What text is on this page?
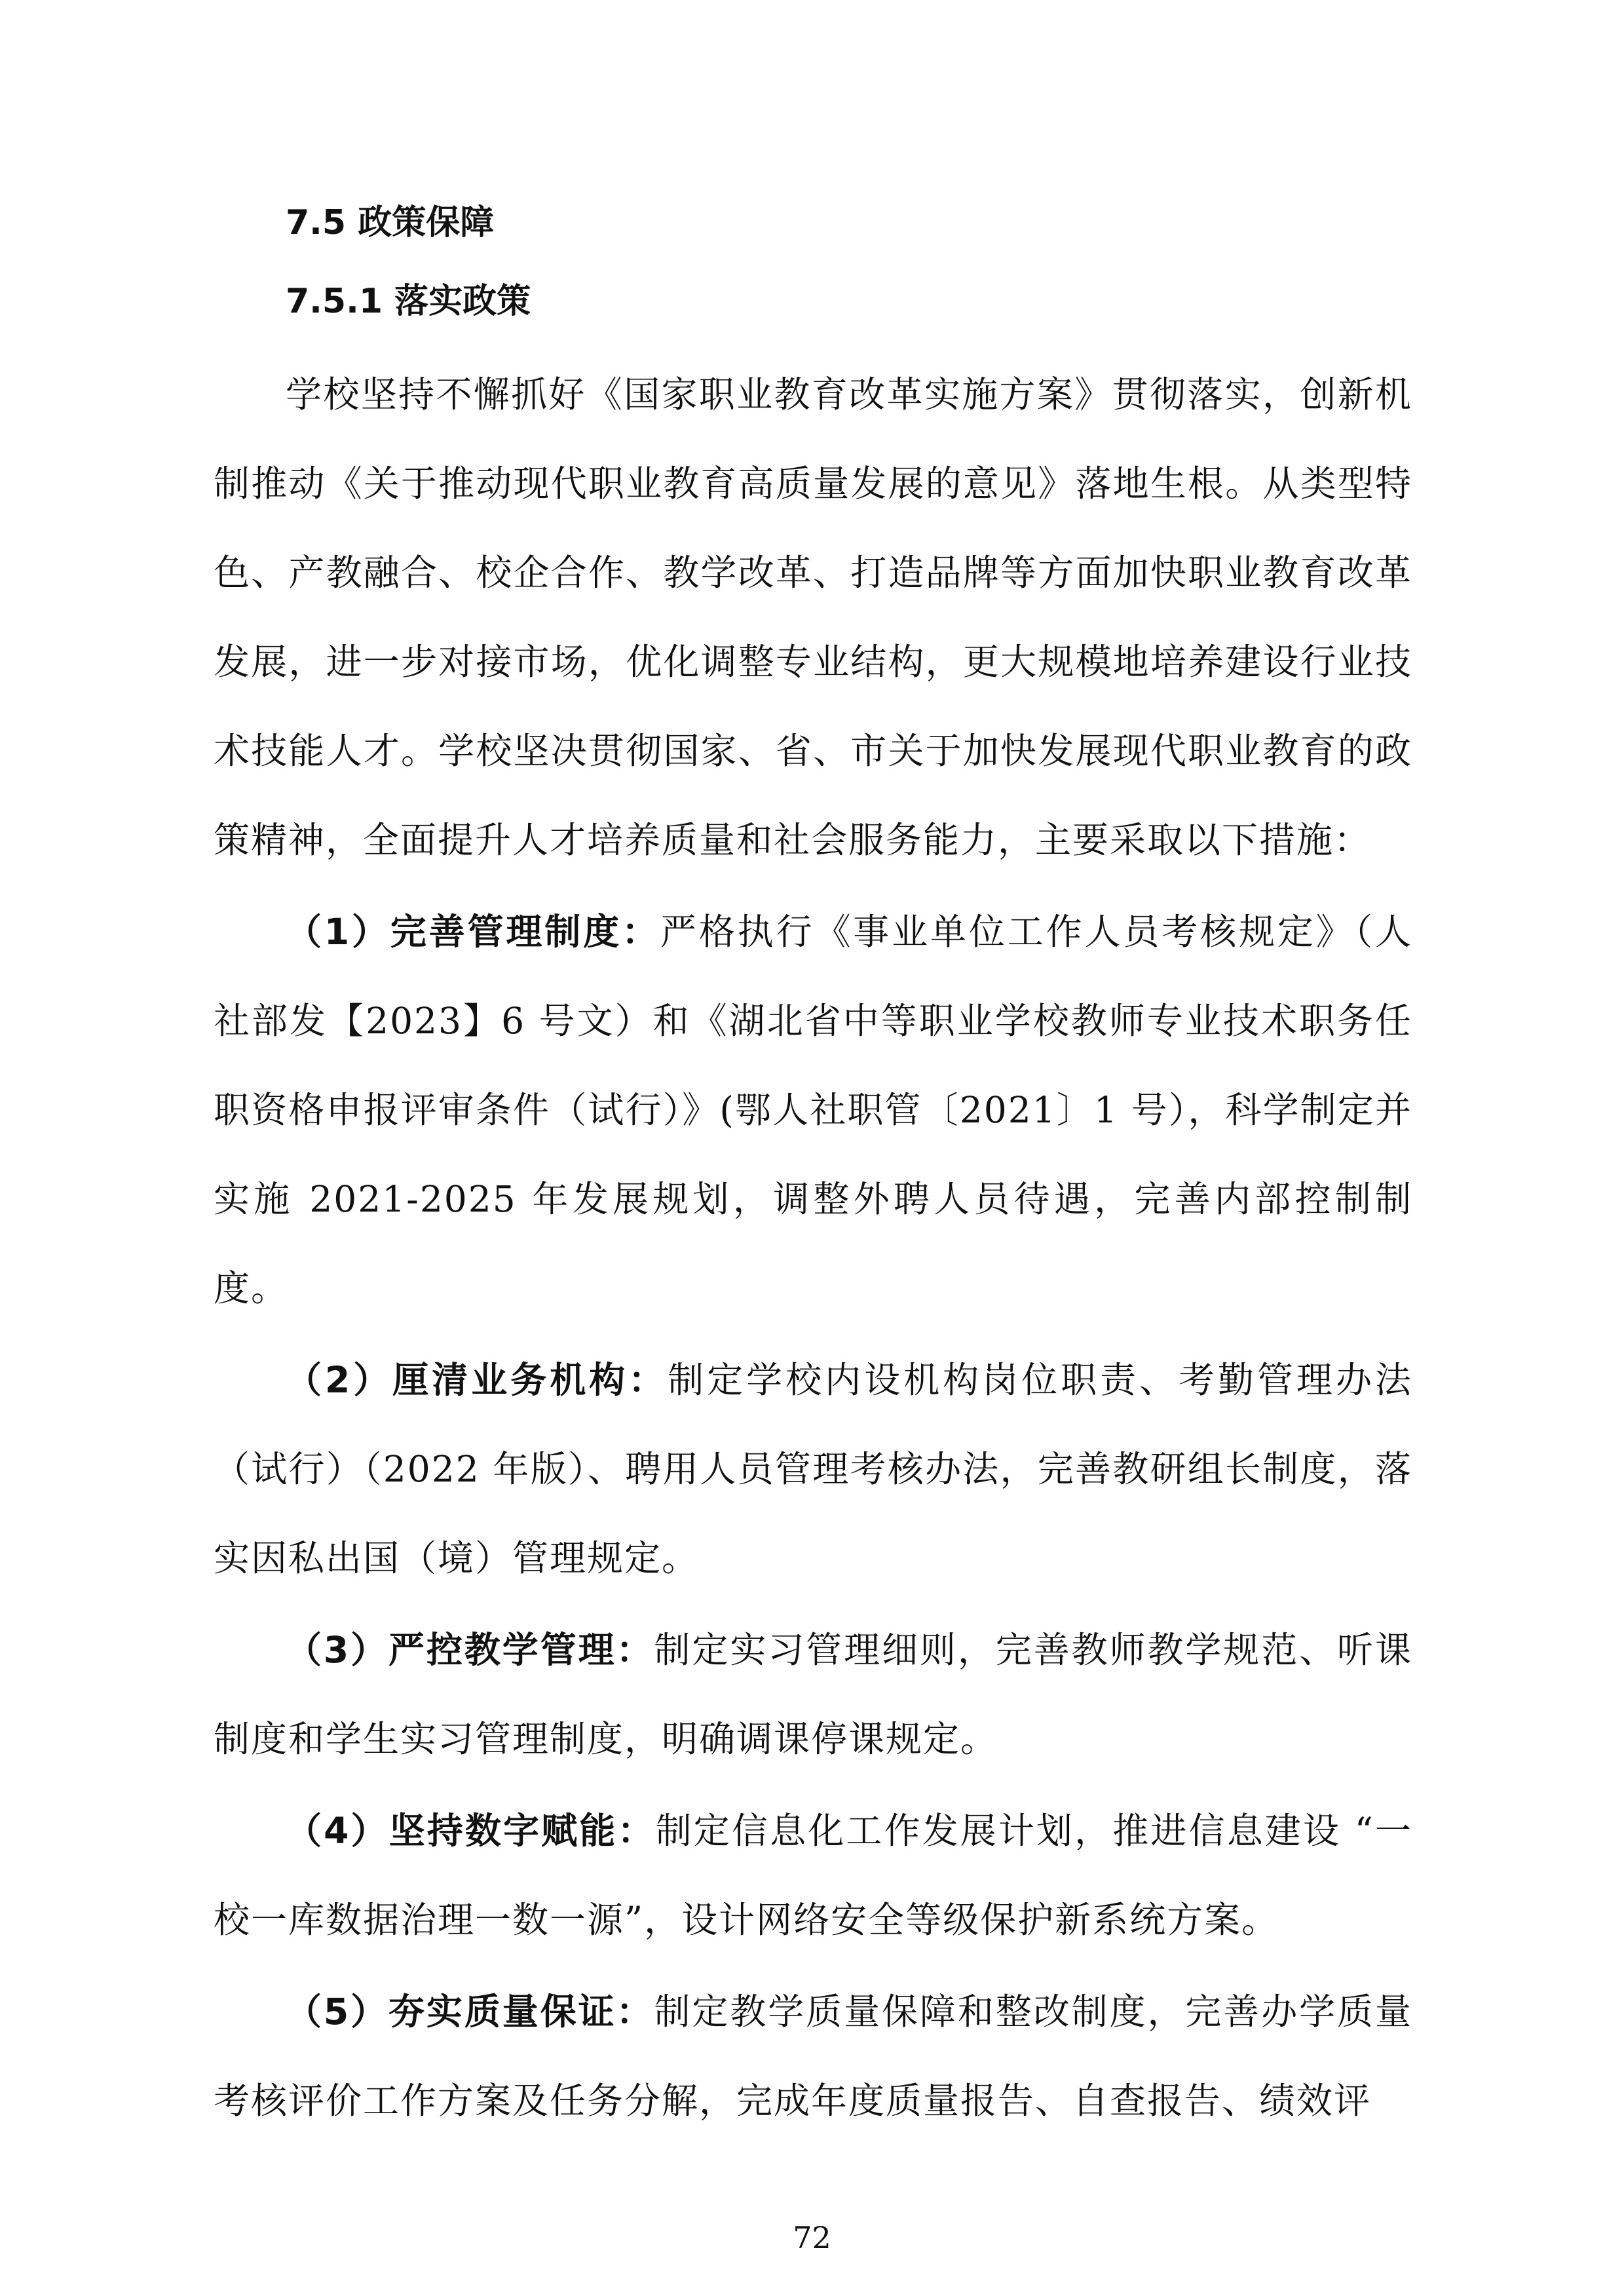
7.5 政策保障
7.5.1 落实政策

学校坚持不懈抓好《国家职业教育改革实施方案》贯彻落实，创新机制推动《关于推动现代职业教育高质量发展的意见》落地生根。从类型特色、产教融合、校企合作、教学改革、打造品牌等方面加快职业教育改革发展，进一步对接市场，优化调整专业结构，更大规模地培养建设行业技术技能人才。学校坚决贯彻国家、省、市关于加快发展现代职业教育的政策精神，全面提升人才培养质量和社会服务能力，主要采取以下措施：

（1）完善管理制度：严格执行《事业单位工作人员考核规定》（人社部发【2023】6 号文）和《湖北省中等职业学校教师专业技术职务任职资格申报评审条件（试行）》(鄂人社职管〔2021〕1 号），科学制定并实施 2021-2025 年发展规划，调整外聘人员待遇，完善内部控制制度。

（2）厘清业务机构：制定学校内设机构岗位职责、考勤管理办法（试行）（2022 年版）、聘用人员管理考核办法，完善教研组长制度，落实因私出国（境）管理规定。

（3）严控教学管理：制定实习管理细则，完善教师教学规范、听课制度和学生实习管理制度，明确调课停课规定。

（4）坚持数字赋能：制定信息化工作发展计划，推进信息建设 “一校一库数据治理一数一源”，设计网络安全等级保护新系统方案。

（5）夯实质量保证：制定教学质量保障和整改制度，完善办学质量考核评价工作方案及任务分解，完成年度质量报告、自查报告、绩效评

72
